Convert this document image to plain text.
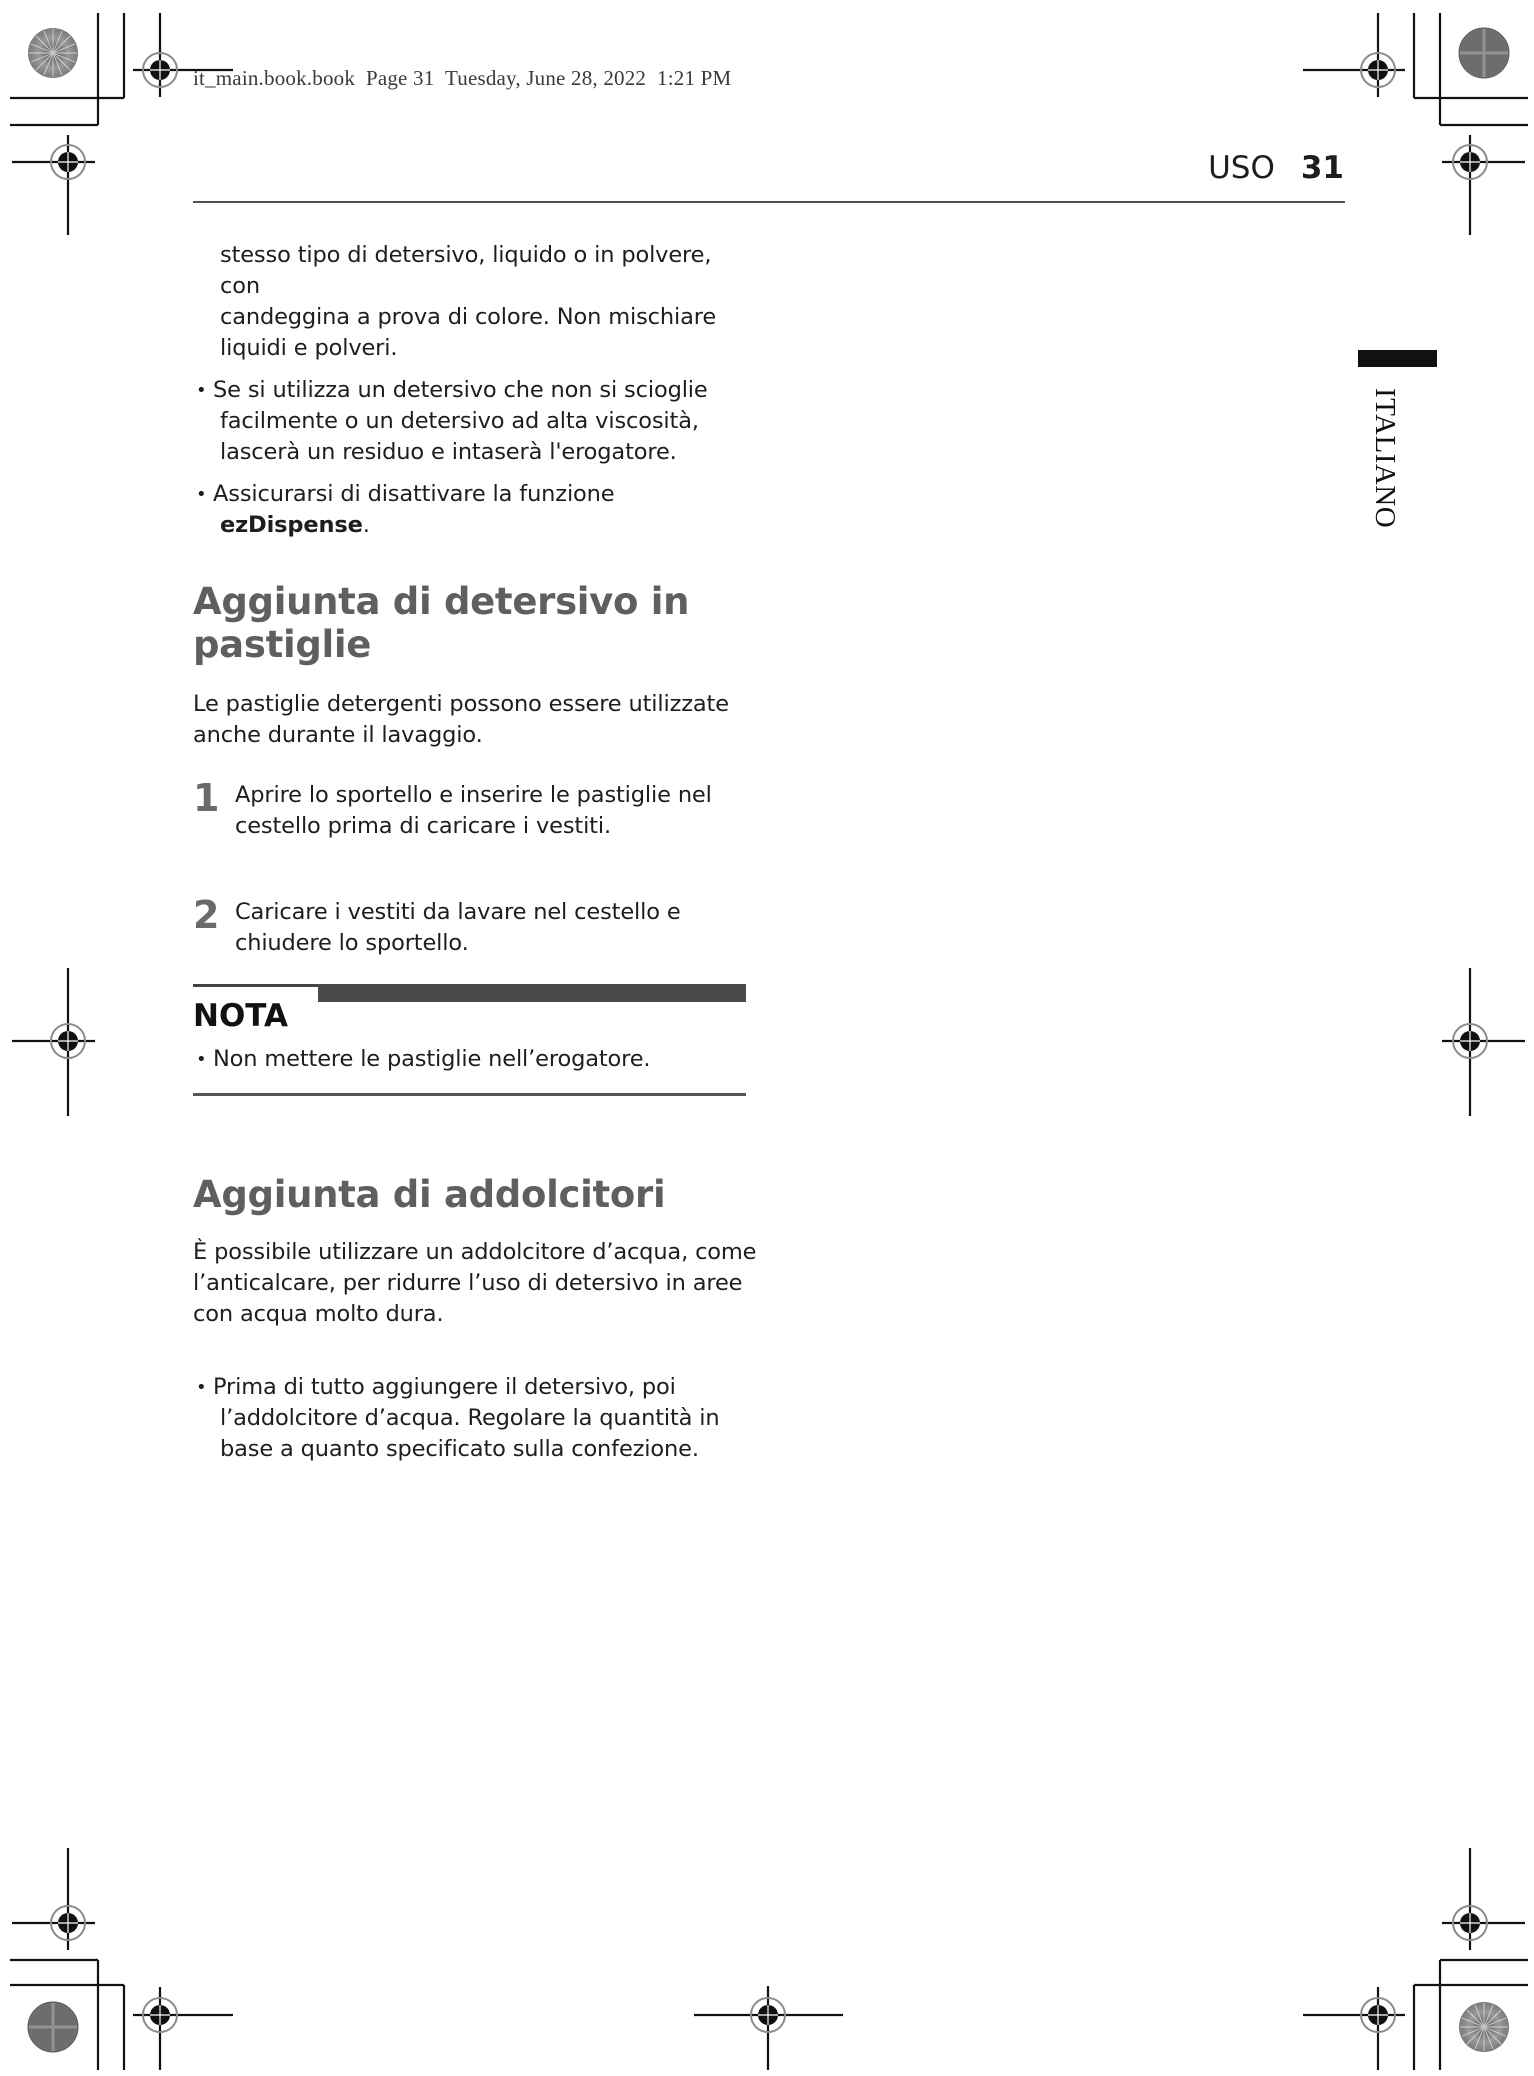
it_main.book.book  Page 31  Tuesday, June 28, 2022  1:21 PM
USO 31
ITALIANO

stesso tipo di detersivo, liquido o in polvere, con
candeggina a prova di colore. Non mischiare
liquidi e polveri.

• Se si utilizza un detersivo che non si scioglie
facilmente o un detersivo ad alta viscosità,
lascerà un residuo e intaserà l'erogatore.

• Assicurarsi di disattivare la funzione
ezDispense.

Aggiunta di detersivo in
pastiglie

Le pastiglie detergenti possono essere utilizzate
anche durante il lavaggio.

1 Aprire lo sportello e inserire le pastiglie nel
cestello prima di caricare i vestiti.
2 Caricare i vestiti da lavare nel cestello e
chiudere lo sportello.
NOTA

• Non mettere le pastiglie nell’erogatore.

Aggiunta di addolcitori

È possibile utilizzare un addolcitore d’acqua, come
l’anticalcare, per ridurre l’uso di detersivo in aree
con acqua molto dura.

• Prima di tutto aggiungere il detersivo, poi
l’addolcitore d’acqua. Regolare la quantità in
base a quanto specificato sulla confezione.
